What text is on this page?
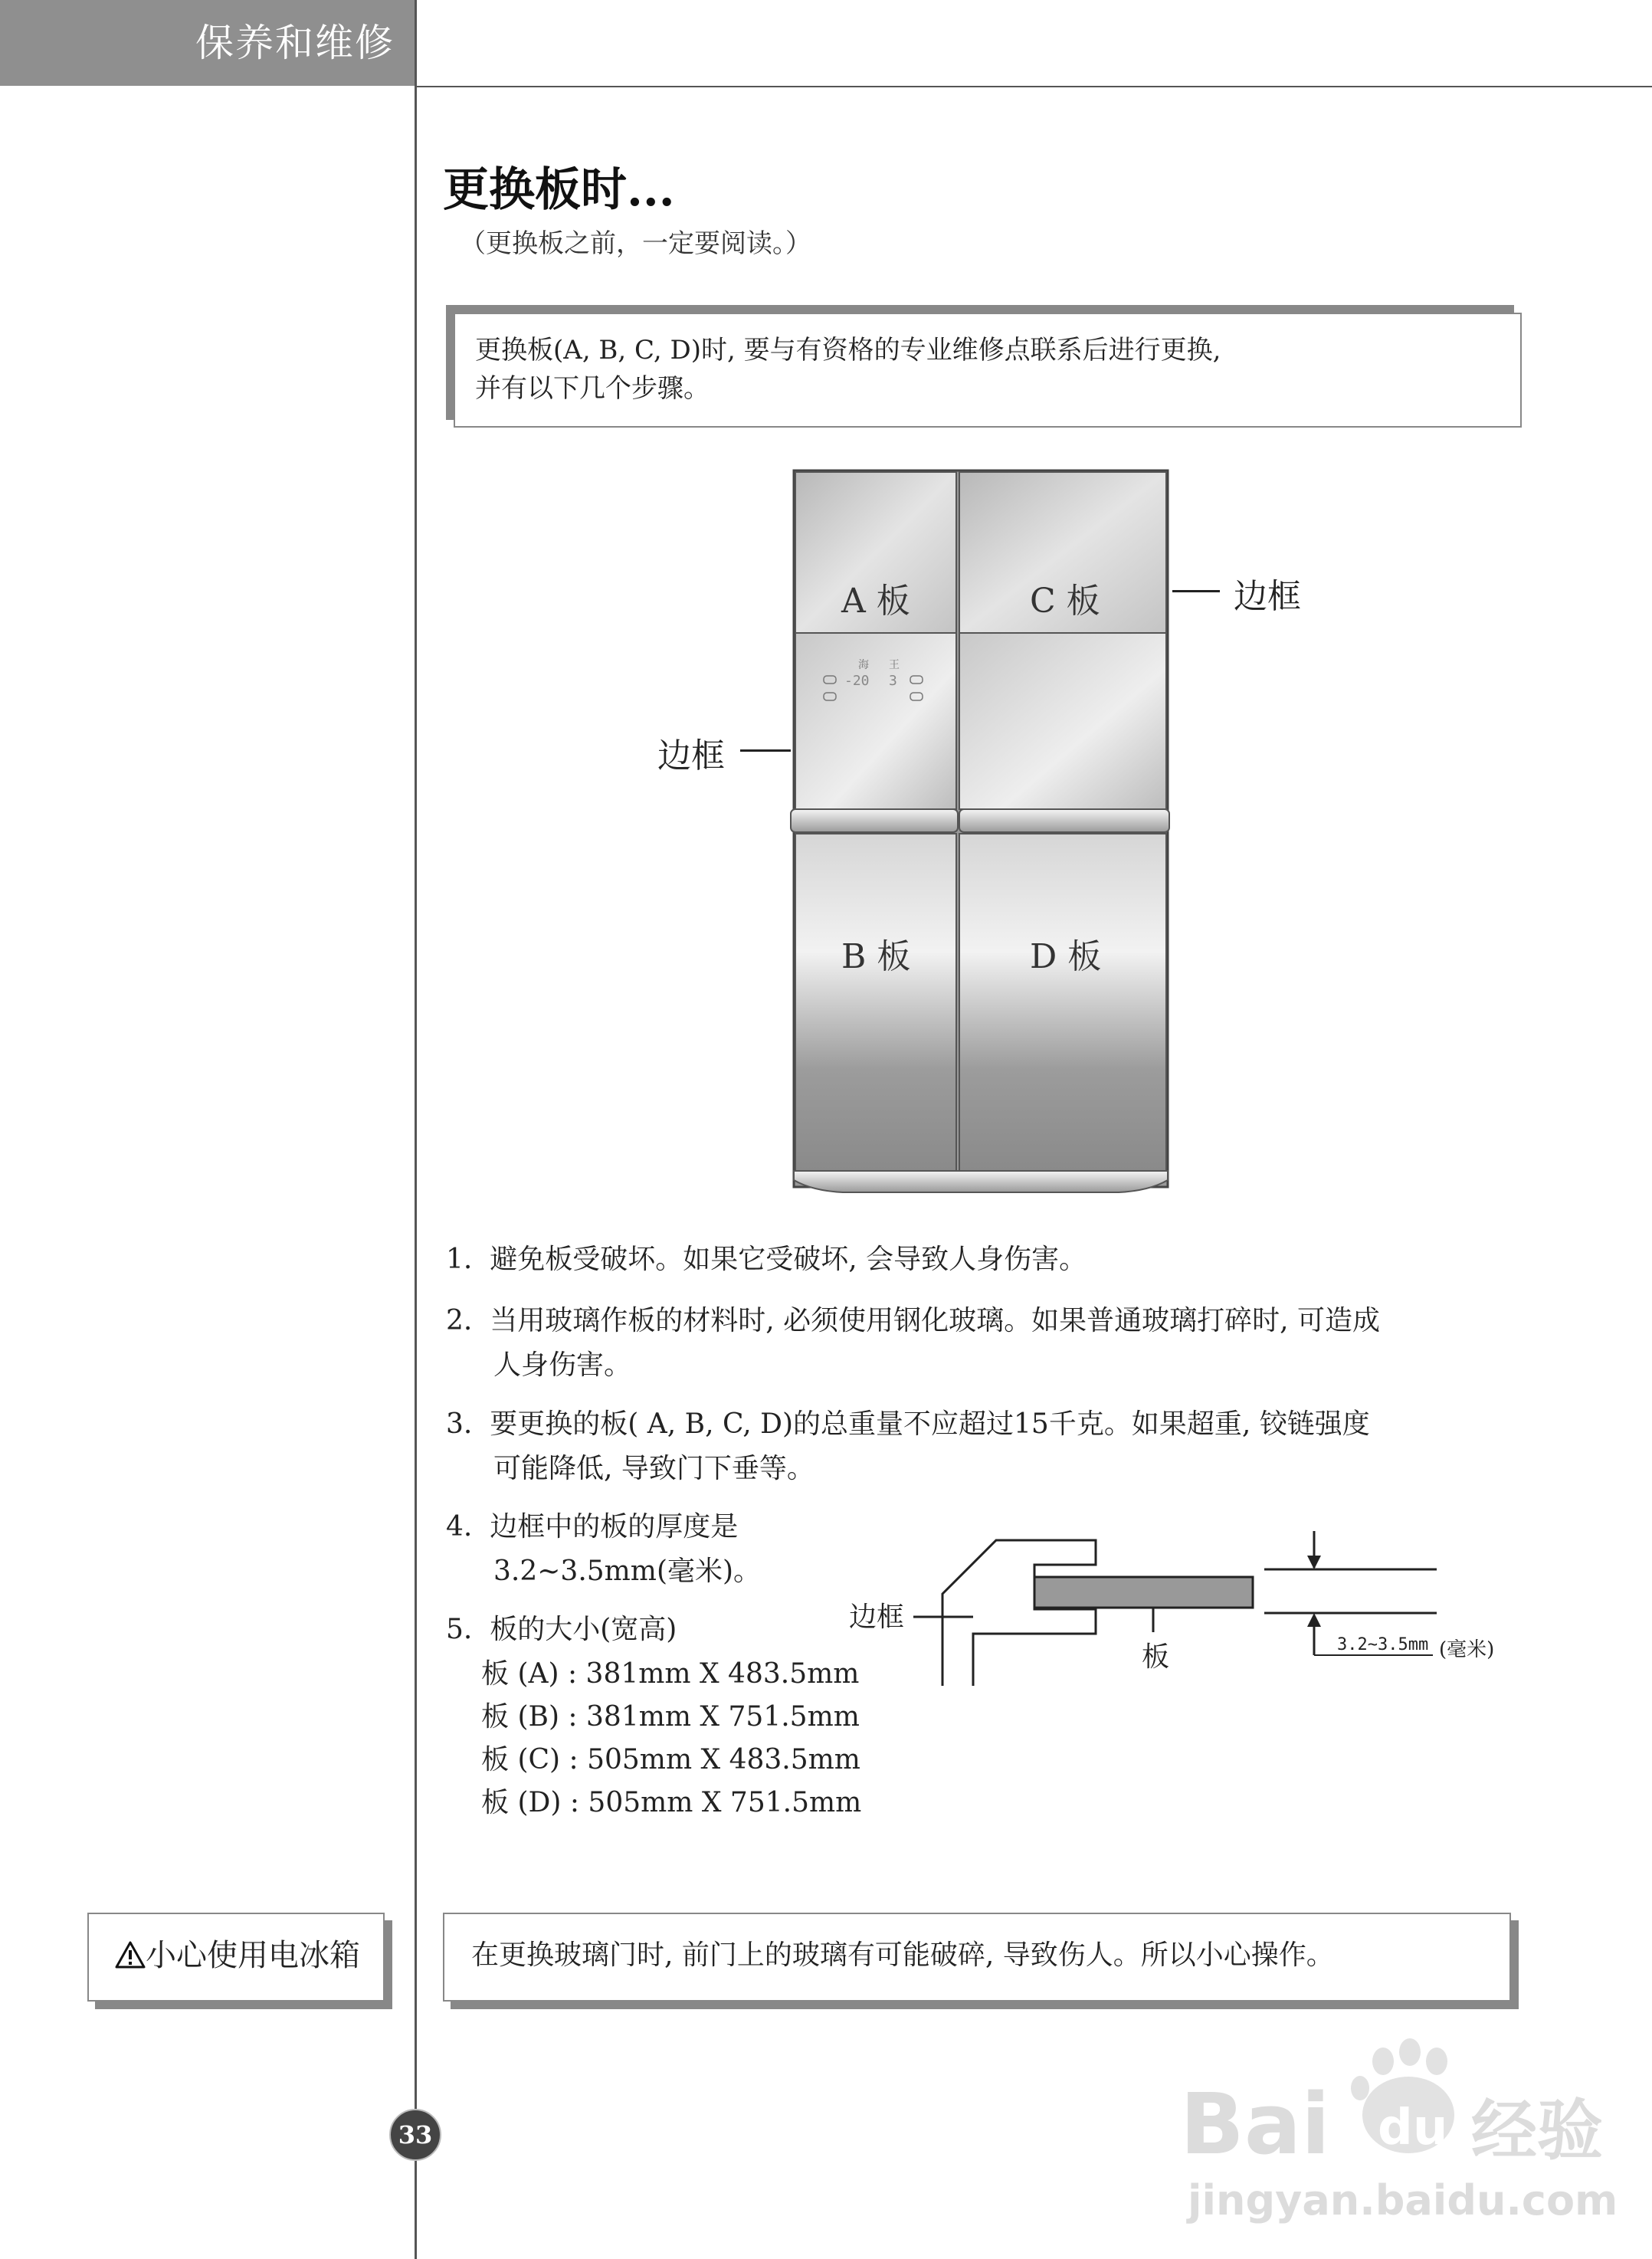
保养和维修
更换板时...
（更换板之前，一定要阅读。）
更换板(A, B, C, D)时, 要与有资格的专业维修点联系后进行更换,
并有以下几个步骤。
海 王
-20 3
A 板	C 板
B 板	D 板
边框
边框
1. 避免板受破坏。如果它受破坏, 会导致人身伤害。
2. 当用玻璃作板的材料时, 必须使用钢化玻璃。如果普通玻璃打碎时, 可造成
人身伤害。
3. 要更换的板( A, B, C, D)的总重量不应超过15千克。如果超重, 铰链强度
可能降低, 导致门下垂等。
4. 边框中的板的厚度是
3.2~3.5mm(毫米)。
5. 板的大小(宽高)
板 (A) : 381mm X 483.5mm
板 (B) : 381mm X 751.5mm
板 (C) : 505mm X 483.5mm
板 (D) : 505mm X 751.5mm
边框
板	3.2~3.5mm (毫米)
小心使用电冰箱	在更换玻璃门时, 前门上的玻璃有可能破碎, 导致伤人。所以小心操作。
33	Bai du 经验
jingyan.baidu.com
